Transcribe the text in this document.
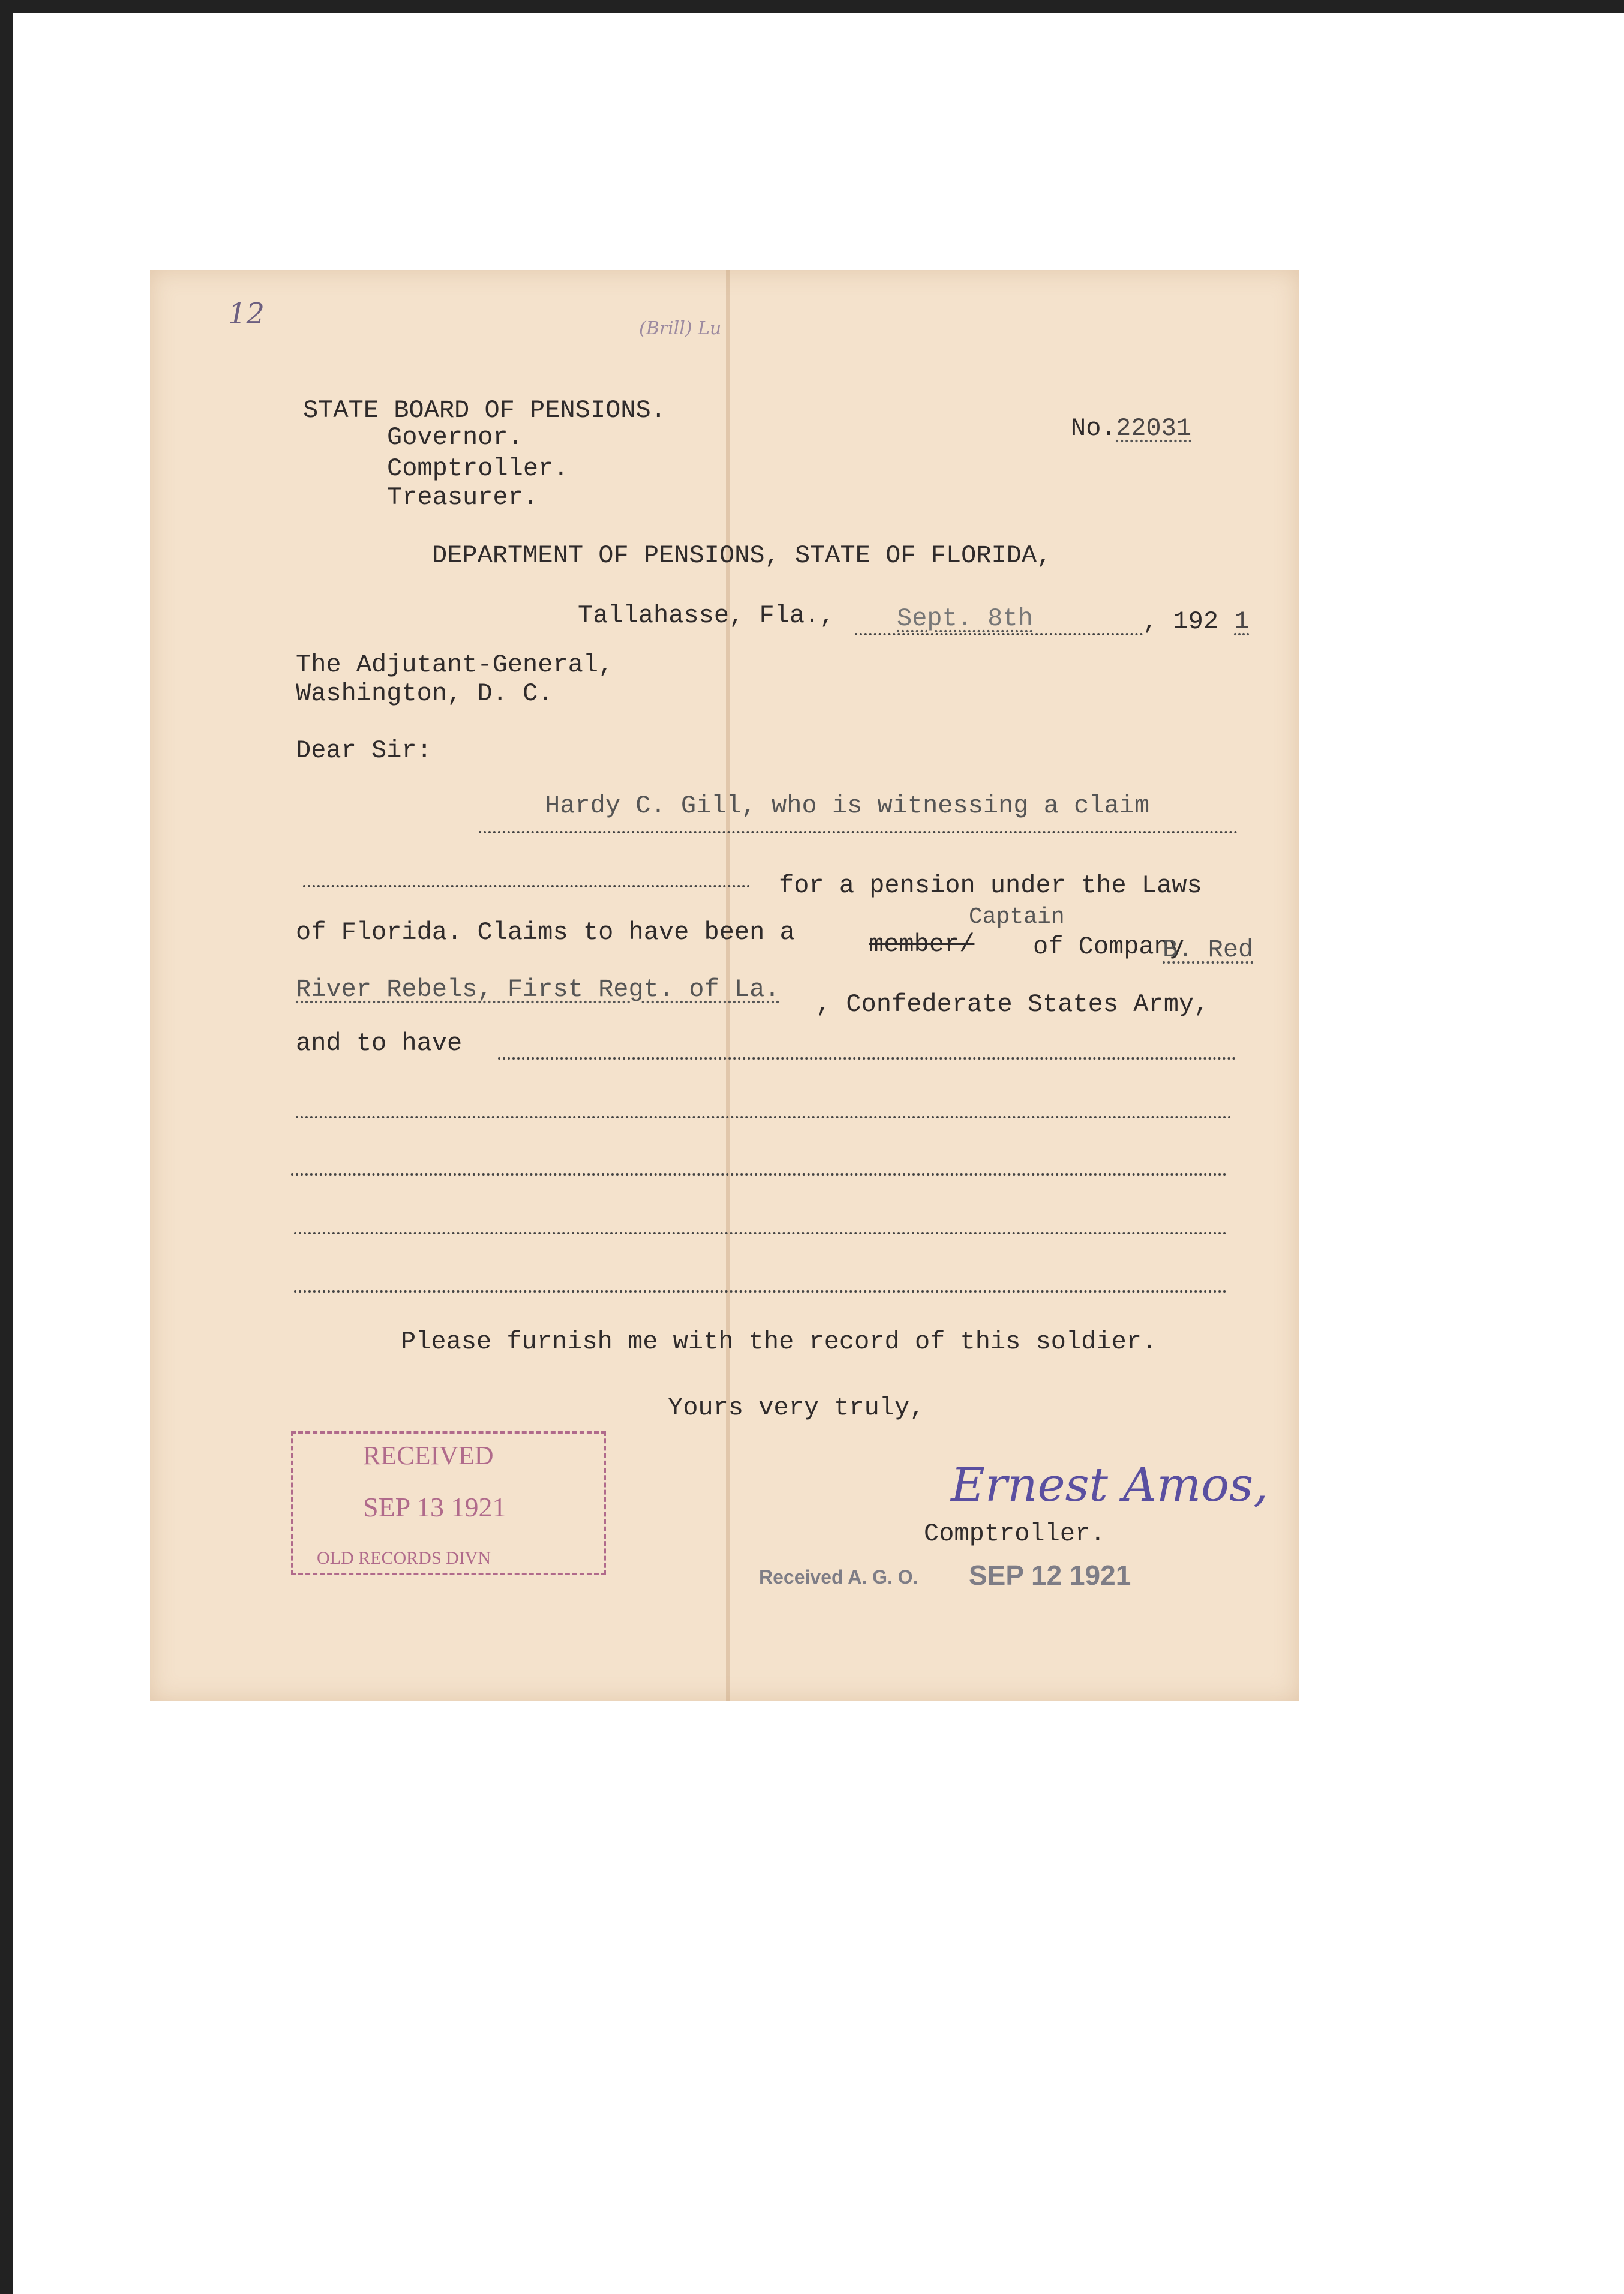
12	(Brill) Lu
STATE BOARD OF PENSIONS.
Governor.
Comptroller.
Treasurer.
No. 22031
DEPARTMENT OF PENSIONS, STATE OF FLORIDA,
Tallahasse, Fla., Sept. 8th	, 192 1
The Adjutant-General,
Washington, D. C.
Dear Sir:
Hardy C. Gill, who is witnessing a claim
for a pension under the Laws
Captain
of Florida. Claims to have been a	member/ of Company
B. Red
River Rebels, First Regt. of La.
, Confederate States Army,
and to have
Please furnish me with the record of this soldier.
Yours very truly,
Ernest Amos,
Comptroller.
RECEIVED
SEP 13 1921
OLD RECORDS DIVN
Received A. G. O. SEP 12 1921
